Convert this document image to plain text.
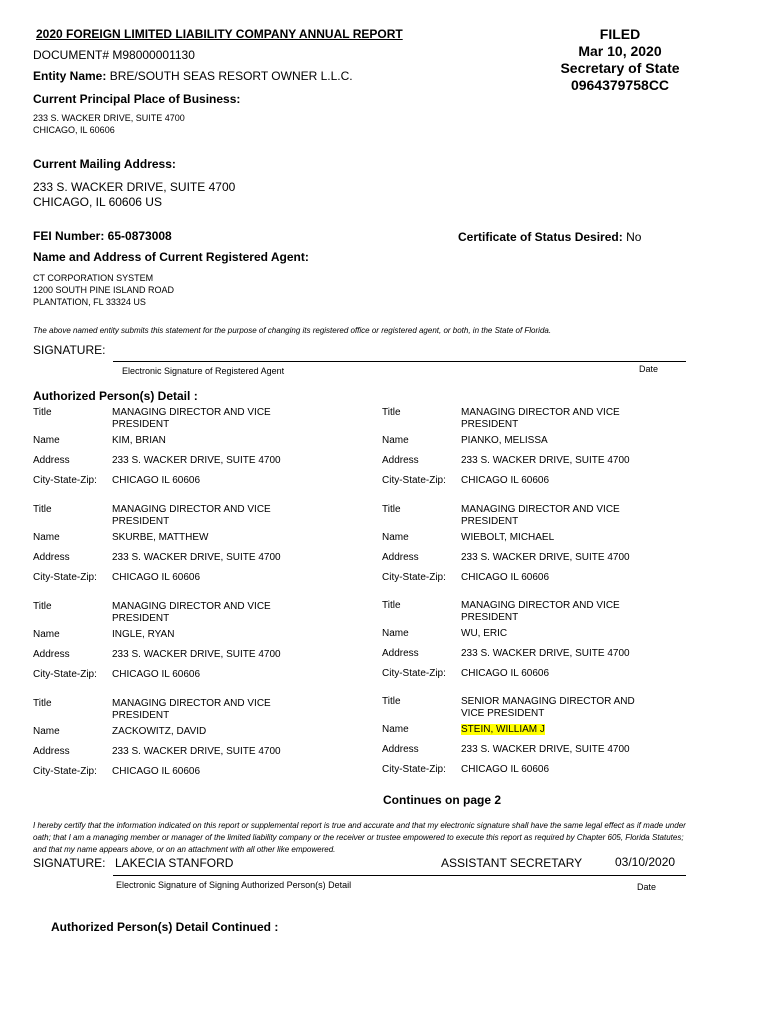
2020 FOREIGN LIMITED LIABILITY COMPANY ANNUAL REPORT
DOCUMENT# M98000001130
Entity Name: BRE/SOUTH SEAS RESORT OWNER L.L.C.
FILED
Mar 10, 2020
Secretary of State
0964379758CC
Current Principal Place of Business:
233 S. WACKER DRIVE, SUITE 4700
CHICAGO, IL 60606
Current Mailing Address:
233 S. WACKER DRIVE, SUITE 4700
CHICAGO, IL 60606 US
FEI Number: 65-0873008	Certificate of Status Desired: No
Name and Address of Current Registered Agent:
CT CORPORATION SYSTEM
1200 SOUTH PINE ISLAND ROAD
PLANTATION, FL 33324 US
The above named entity submits this statement for the purpose of changing its registered office or registered agent, or both, in the State of Florida.
SIGNATURE:
Electronic Signature of Registered Agent	Date
Authorized Person(s) Detail :
Title	MANAGING DIRECTOR AND VICE PRESIDENT
Name	KIM, BRIAN
Address	233 S. WACKER DRIVE, SUITE 4700
City-State-Zip: CHICAGO IL 60606
Title	MANAGING DIRECTOR AND VICE PRESIDENT
Name	SKURBE, MATTHEW
Address	233 S. WACKER DRIVE, SUITE 4700
City-State-Zip: CHICAGO IL 60606
Title	MANAGING DIRECTOR AND VICE PRESIDENT
Name	INGLE, RYAN
Address	233 S. WACKER DRIVE, SUITE 4700
City-State-Zip: CHICAGO IL 60606
Title	MANAGING DIRECTOR AND VICE PRESIDENT
Name	ZACKOWITZ, DAVID
Address	233 S. WACKER DRIVE, SUITE 4700
City-State-Zip: CHICAGO IL 60606
Title	MANAGING DIRECTOR AND VICE PRESIDENT
Name	PIANKO, MELISSA
Address	233 S. WACKER DRIVE, SUITE 4700
City-State-Zip: CHICAGO IL 60606
Title	MANAGING DIRECTOR AND VICE PRESIDENT
Name	WIEBOLT, MICHAEL
Address	233 S. WACKER DRIVE, SUITE 4700
City-State-Zip: CHICAGO IL 60606
Title	MANAGING DIRECTOR AND VICE PRESIDENT
Name	WU, ERIC
Address	233 S. WACKER DRIVE, SUITE 4700
City-State-Zip: CHICAGO IL 60606
Title	SENIOR MANAGING DIRECTOR AND VICE PRESIDENT
Name	STEIN, WILLIAM J
Address	233 S. WACKER DRIVE, SUITE 4700
City-State-Zip: CHICAGO IL 60606
Continues on page 2
I hereby certify that the information indicated on this report or supplemental report is true and accurate and that my electronic signature shall have the same legal effect as if made under oath; that I am a managing member or manager of the limited liability company or the receiver or trustee empowered to execute this report as required by Chapter 605, Florida Statutes; and that my name appears above, or on an attachment with all other like empowered.
SIGNATURE: LAKECIA STANFORD	ASSISTANT SECRETARY	03/10/2020
Electronic Signature of Signing Authorized Person(s) Detail	Date
Authorized Person(s) Detail Continued :
